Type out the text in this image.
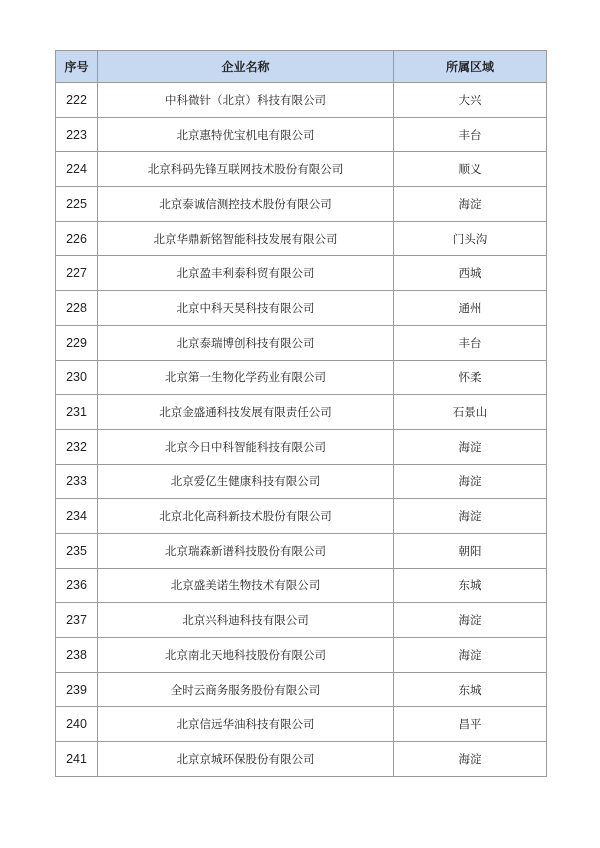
序号	企业名称	所属区域
222	中科微针（北京）科技有限公司	大兴
223	北京惠特优宝机电有限公司	丰台
224	北京科码先锋互联网技术股份有限公司	顺义
225	北京泰诚信测控技术股份有限公司	海淀
226	北京华鼎新铭智能科技发展有限公司	门头沟
227	北京盈丰利泰科贸有限公司	西城
228	北京中科天昊科技有限公司	通州
229	北京泰瑞博创科技有限公司	丰台
230	北京第一生物化学药业有限公司	怀柔
231	北京金盛通科技发展有限责任公司	石景山
232	北京今日中科智能科技有限公司	海淀
233	北京爱亿生健康科技有限公司	海淀
234	北京北化高科新技术股份有限公司	海淀
235	北京瑞森新谱科技股份有限公司	朝阳
236	北京盛美诺生物技术有限公司	东城
237	北京兴科迪科技有限公司	海淀
238	北京南北天地科技股份有限公司	海淀
239	全时云商务服务股份有限公司	东城
240	北京信远华油科技有限公司	昌平
241	北京京城环保股份有限公司	海淀
